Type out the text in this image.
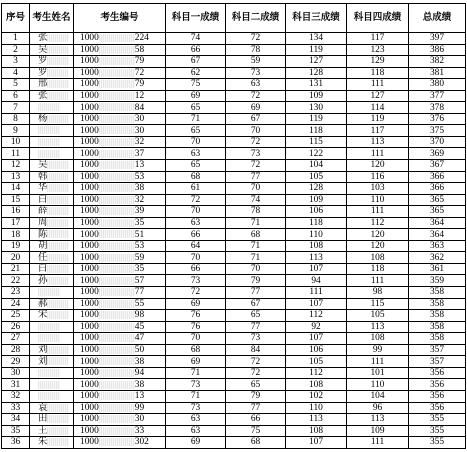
序号	考生姓名	考生编号	科目一成绩	科目二成绩	科目三成绩	科目四成绩	总成绩
1	张	1000 224	74	72	134	117	397
2	吴	1000 58	66	78	119	123	386
3	罗	1000 79	67	59	127	129	382
4	罗	1000 72	62	73	128	118	381
5	邢	1000 79	75	63	131	111	380
6	张	1000 12	69	72	109	127	377
7		1000 84	65	69	130	114	378
8	杨	1000 30	71	67	119	119	376
9		1000 30	65	70	118	117	375
10		1000 32	70	72	115	113	370
11		1000 37	63	73	122	111	369
12	吴	1000 13	65	72	104	120	367
13	韩	1000 53	68	77	105	116	366
14	华	1000 38	61	70	128	103	366
15	白	1000 32	72	74	109	110	365
16	薛	1000 39	70	78	106	111	365
17	周	1000 35	63	71	118	112	364
18	陈	1000 51	66	68	110	120	364
19	胡	1000 53	64	71	108	120	363
20	任	1000 59	70	71	113	108	362
21	白	1000 35	66	70	107	118	361
22	孙	1000 57	73	79	94	111	359
23		1000 77	72	77	111	98	358
24	郝	1000 55	69	67	107	115	358
25	宋	1000 98	76	65	112	105	358
26		1000 45	76	77	92	113	358
27		1000 47	70	73	107	108	358
28	刘	1000 50	68	84	106	99	357
29	刘	1000 38	69	72	105	111	357
30		1000 94	71	72	112	101	356
31		1000 38	73	65	108	110	356
32		1000 13	71	79	102	104	356
33	袁	1000 99	73	77	110	96	356
34	田	1000 30	63	66	113	113	355
35	王	1000 33	63	75	108	109	355
36	朱	1000 302	69	68	107	111	355
